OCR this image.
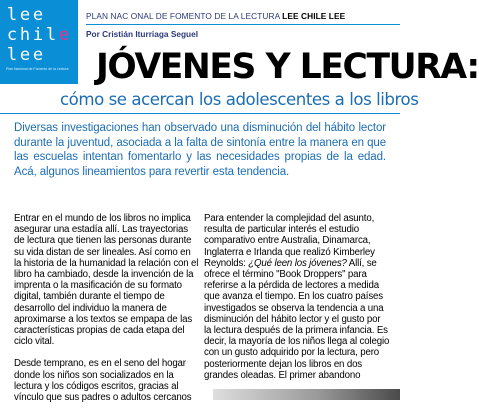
l e e
c h i l e
l e e
Plan Nacional de Fomento de la Lectura
PLAN NAC ONAL DE FOMENTO DE LA LECTURA LEE CHILE LEE
Por Cristián Iturriaga Seguel
JÓVENES Y LECTURA:
cómo se acercan los adolescentes a los libros

Diversas investigaciones han observado una disminución del hábito lector durante la juventud, asociada a la falta de sintonía entre la manera en que las escuelas intentan fomentarlo y las necesidades propias de la edad. Acá, algunos lineamientos para revertir esta tendencia.

Entrar en el mundo de los libros no implica asegurar una estadía allí. Las trayectorias de lectura que tienen las personas durante su vida distan de ser lineales. Así como en la historia de la humanidad la relación con el libro ha cambiado, desde la invención de la imprenta o la masificación de su formato digital, también durante el tiempo de desarrollo del individuo la manera de aproximarse a los textos se empapa de las características propias de cada etapa del ciclo vital.

Desde temprano, es en el seno del hogar donde los niños son socializados en la lectura y los códigos escritos, gracias al vínculo que sus padres o adultos cercanos

Para entender la complejidad del asunto, resulta de particular interés el estudio comparativo entre Australia, Dinamarca, Inglaterra e Irlanda que realizó Kimberley Reynolds: ¿Qué leen los jóvenes? Allí, se ofrece el término "Book Droppers" para referirse a la pérdida de lectores a medida que avanza el tiempo. En los cuatro países investigados se observa la tendencia a una disminución del hábito lector y el gusto por la lectura después de la primera infancia. Es decir, la mayoría de los niños llega al colegio con un gusto adquirido por la lectura, pero posteriormente dejan los libros en dos grandes oleadas. El primer abandono
